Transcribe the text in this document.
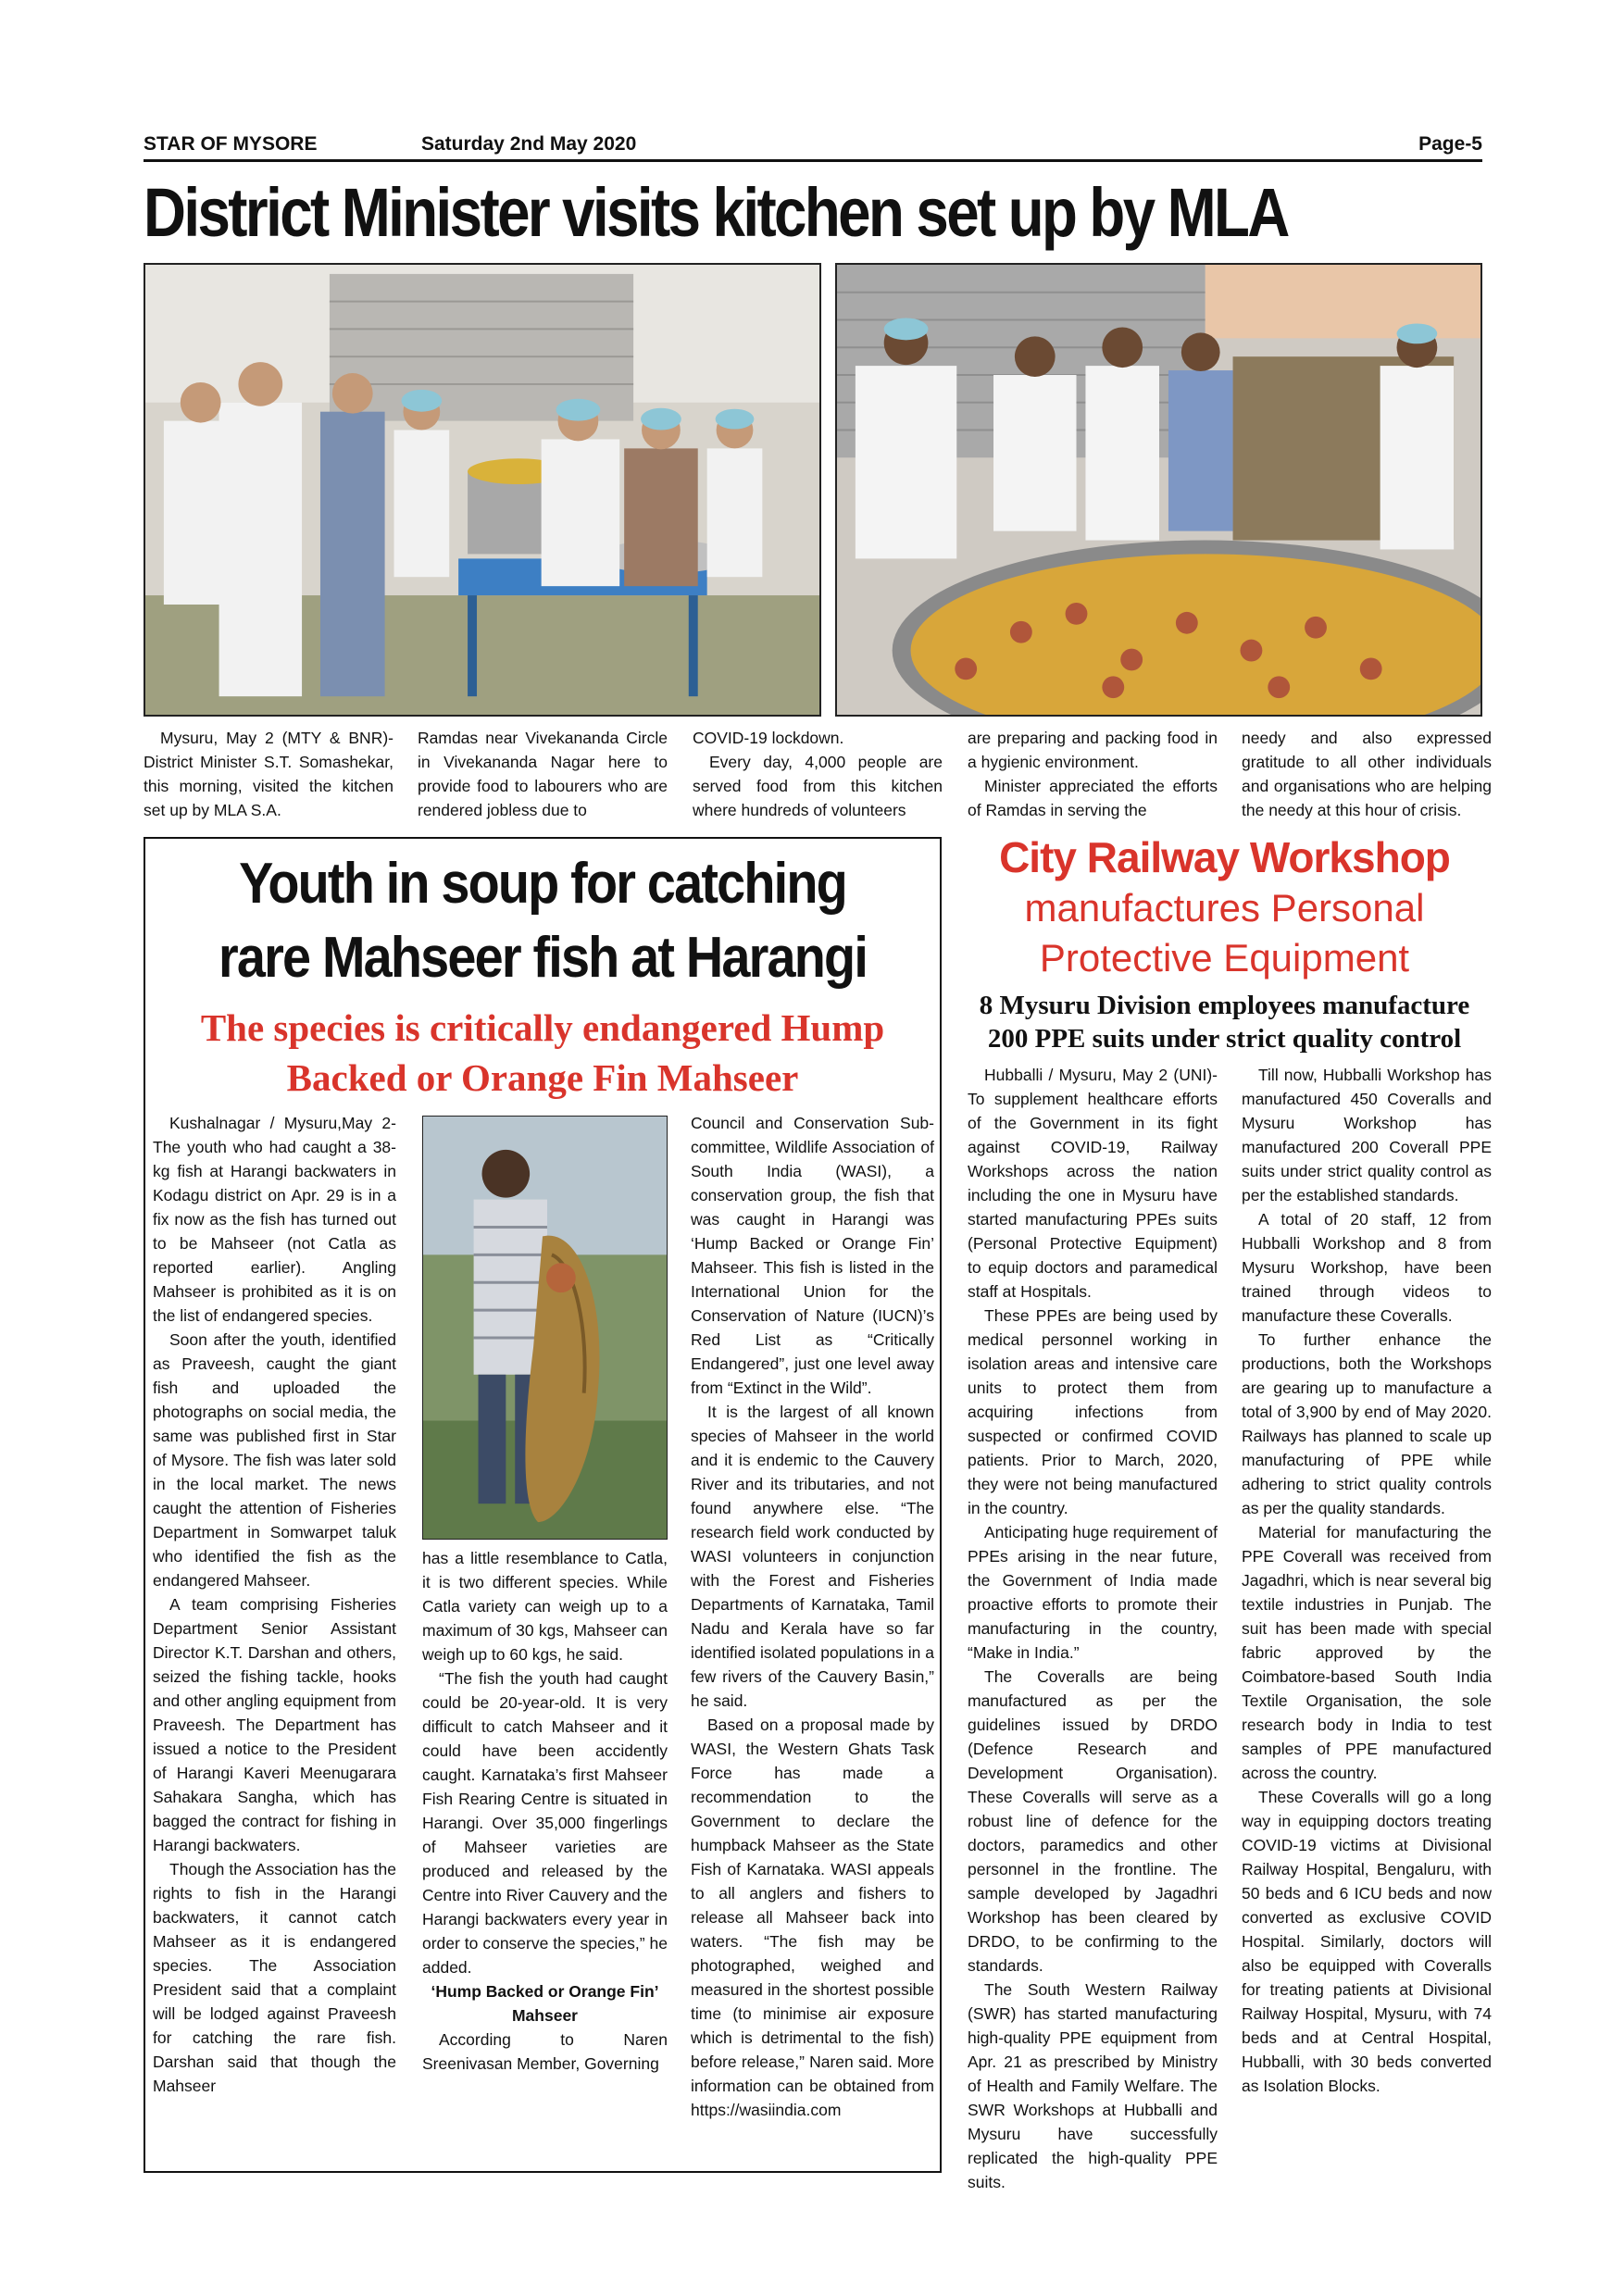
STAR OF MYSORE	Saturday 2nd May 2020	Page-5
District Minister visits kitchen set up by MLA

Mysuru, May 2 (MTY & BNR)- District Minister S.T. Somashekar, this morning, visited the kitchen set up by MLA S.A.

Ramdas near Vivekananda Circle in Vivekananda Nagar here to provide food to labourers who are rendered jobless due to

COVID-19 lockdown.

Every day, 4,000 people are served food from this kitchen where hundreds of volunteers

are preparing and packing food in a hygienic environment.

Minister appreciated the efforts of Ramdas in serving the

needy and also expressed gratitude to all other individuals and organisations who are helping the needy at this hour of crisis.

Youth in soup for catching rare Mahseer fish at Harangi
The species is critically endangered Hump Backed or Orange Fin Mahseer

Kushalnagar / Mysuru,May 2- The youth who had caught a 38-kg fish at Harangi backwaters in Kodagu district on Apr. 29 is in a fix now as the fish has turned out to be Mahseer (not Catla as reported earlier). Angling Mahseer is prohibited as it is on the list of endangered species.

Soon after the youth, identified as Praveesh, caught the giant fish and uploaded the photographs on social media, the same was published first in Star of Mysore. The fish was later sold in the local market. The news caught the attention of Fisheries Department in Somwarpet taluk who identified the fish as the endangered Mahseer.

A team comprising Fisheries Department Senior Assistant Director K.T. Darshan and others, seized the fishing tackle, hooks and other angling equipment from Praveesh. The Department has issued a notice to the President of Harangi Kaveri Meenugarara Sahakara Sangha, which has bagged the contract for fishing in Harangi backwaters.

Though the Association has the rights to fish in the Harangi backwaters, it cannot catch Mahseer as it is endangered species. The Association President said that a complaint will be lodged against Praveesh for catching the rare fish. Darshan said that though the Mahseer

has a little resemblance to Catla, it is two different species. While Catla variety can weigh up to a maximum of 30 kgs, Mahseer can weigh up to 60 kgs, he said.

“The fish the youth had caught could be 20-year-old. It is very difficult to catch Mahseer and it could have been accidently caught. Karnataka’s first Mahseer Fish Rearing Centre is situated in Harangi. Over 35,000 fingerlings of Mahseer varieties are produced and released by the Centre into River Cauvery and the Harangi backwaters every year in order to conserve the species,” he added.

‘Hump Backed or Orange Fin’ Mahseer

According to Naren Sreenivasan Member, Governing

Council and Conservation Sub-committee, Wildlife Association of South India (WASI), a conservation group, the fish that was caught in Harangi was ‘Hump Backed or Orange Fin’ Mahseer. This fish is listed in the International Union for the Conservation of Nature (IUCN)’s Red List as “Critically Endangered”, just one level away from “Extinct in the Wild”.

It is the largest of all known species of Mahseer in the world and it is endemic to the Cauvery River and its tributaries, and not found anywhere else. “The research field work conducted by WASI volunteers in conjunction with the Forest and Fisheries Departments of Karnataka, Tamil Nadu and Kerala have so far identified isolated populations in a few rivers of the Cauvery Basin,” he said.

Based on a proposal made by WASI, the Western Ghats Task Force has made a recommendation to the Government to declare the humpback Mahseer as the State Fish of Karnataka. WASI appeals to all anglers and fishers to release all Mahseer back into waters. “The fish may be photographed, weighed and measured in the shortest possible time (to minimise air exposure which is detrimental to the fish) before release,” Naren said. More information can be obtained from https://wasiindia.com

City Railway Workshop
manufactures Personal
Protective Equipment
8 Mysuru Division employees manufacture 200 PPE suits under strict quality control

Hubballi / Mysuru, May 2 (UNI)- To supplement healthcare efforts of the Government in its fight against COVID-19, Railway Workshops across the nation including the one in Mysuru have started manufacturing PPEs suits (Personal Protective Equipment) to equip doctors and paramedical staff at Hospitals.

These PPEs are being used by medical personnel working in isolation areas and intensive care units to protect them from acquiring infections from suspected or confirmed COVID patients. Prior to March, 2020, they were not being manufactured in the country.

Anticipating huge requirement of PPEs arising in the near future, the Government of India made proactive efforts to promote their manufacturing in the country, “Make in India.”

The Coveralls are being manufactured as per the guidelines issued by DRDO (Defence Research and Development Organisation). These Coveralls will serve as a robust line of defence for the doctors, paramedics and other personnel in the frontline. The sample developed by Jagadhri Workshop has been cleared by DRDO, to be confirming to the standards.

The South Western Railway (SWR) has started manufacturing high-quality PPE equipment from Apr. 21 as prescribed by Ministry of Health and Family Welfare. The SWR Workshops at Hubballi and Mysuru have successfully replicated the high-quality PPE suits.

Till now, Hubballi Workshop has manufactured 450 Coveralls and Mysuru Workshop has manufactured 200 Coverall PPE suits under strict quality control as per the established standards.

A total of 20 staff, 12 from Hubballi Workshop and 8 from Mysuru Workshop, have been trained through videos to manufacture these Coveralls.

To further enhance the productions, both the Workshops are gearing up to manufacture a total of 3,900 by end of May 2020. Railways has planned to scale up manufacturing of PPE while adhering to strict quality controls as per the quality standards.

Material for manufacturing the PPE Coverall was received from Jagadhri, which is near several big textile industries in Punjab. The suit has been made with special fabric approved by the Coimbatore-based South India Textile Organisation, the sole research body in India to test samples of PPE manufactured across the country.

These Coveralls will go a long way in equipping doctors treating COVID-19 victims at Divisional Railway Hospital, Bengaluru, with 50 beds and 6 ICU beds and now converted as exclusive COVID Hospital. Similarly, doctors will also be equipped with Coveralls for treating patients at Divisional Railway Hospital, Mysuru, with 74 beds and at Central Hospital, Hubballi, with 30 beds converted as Isolation Blocks.
